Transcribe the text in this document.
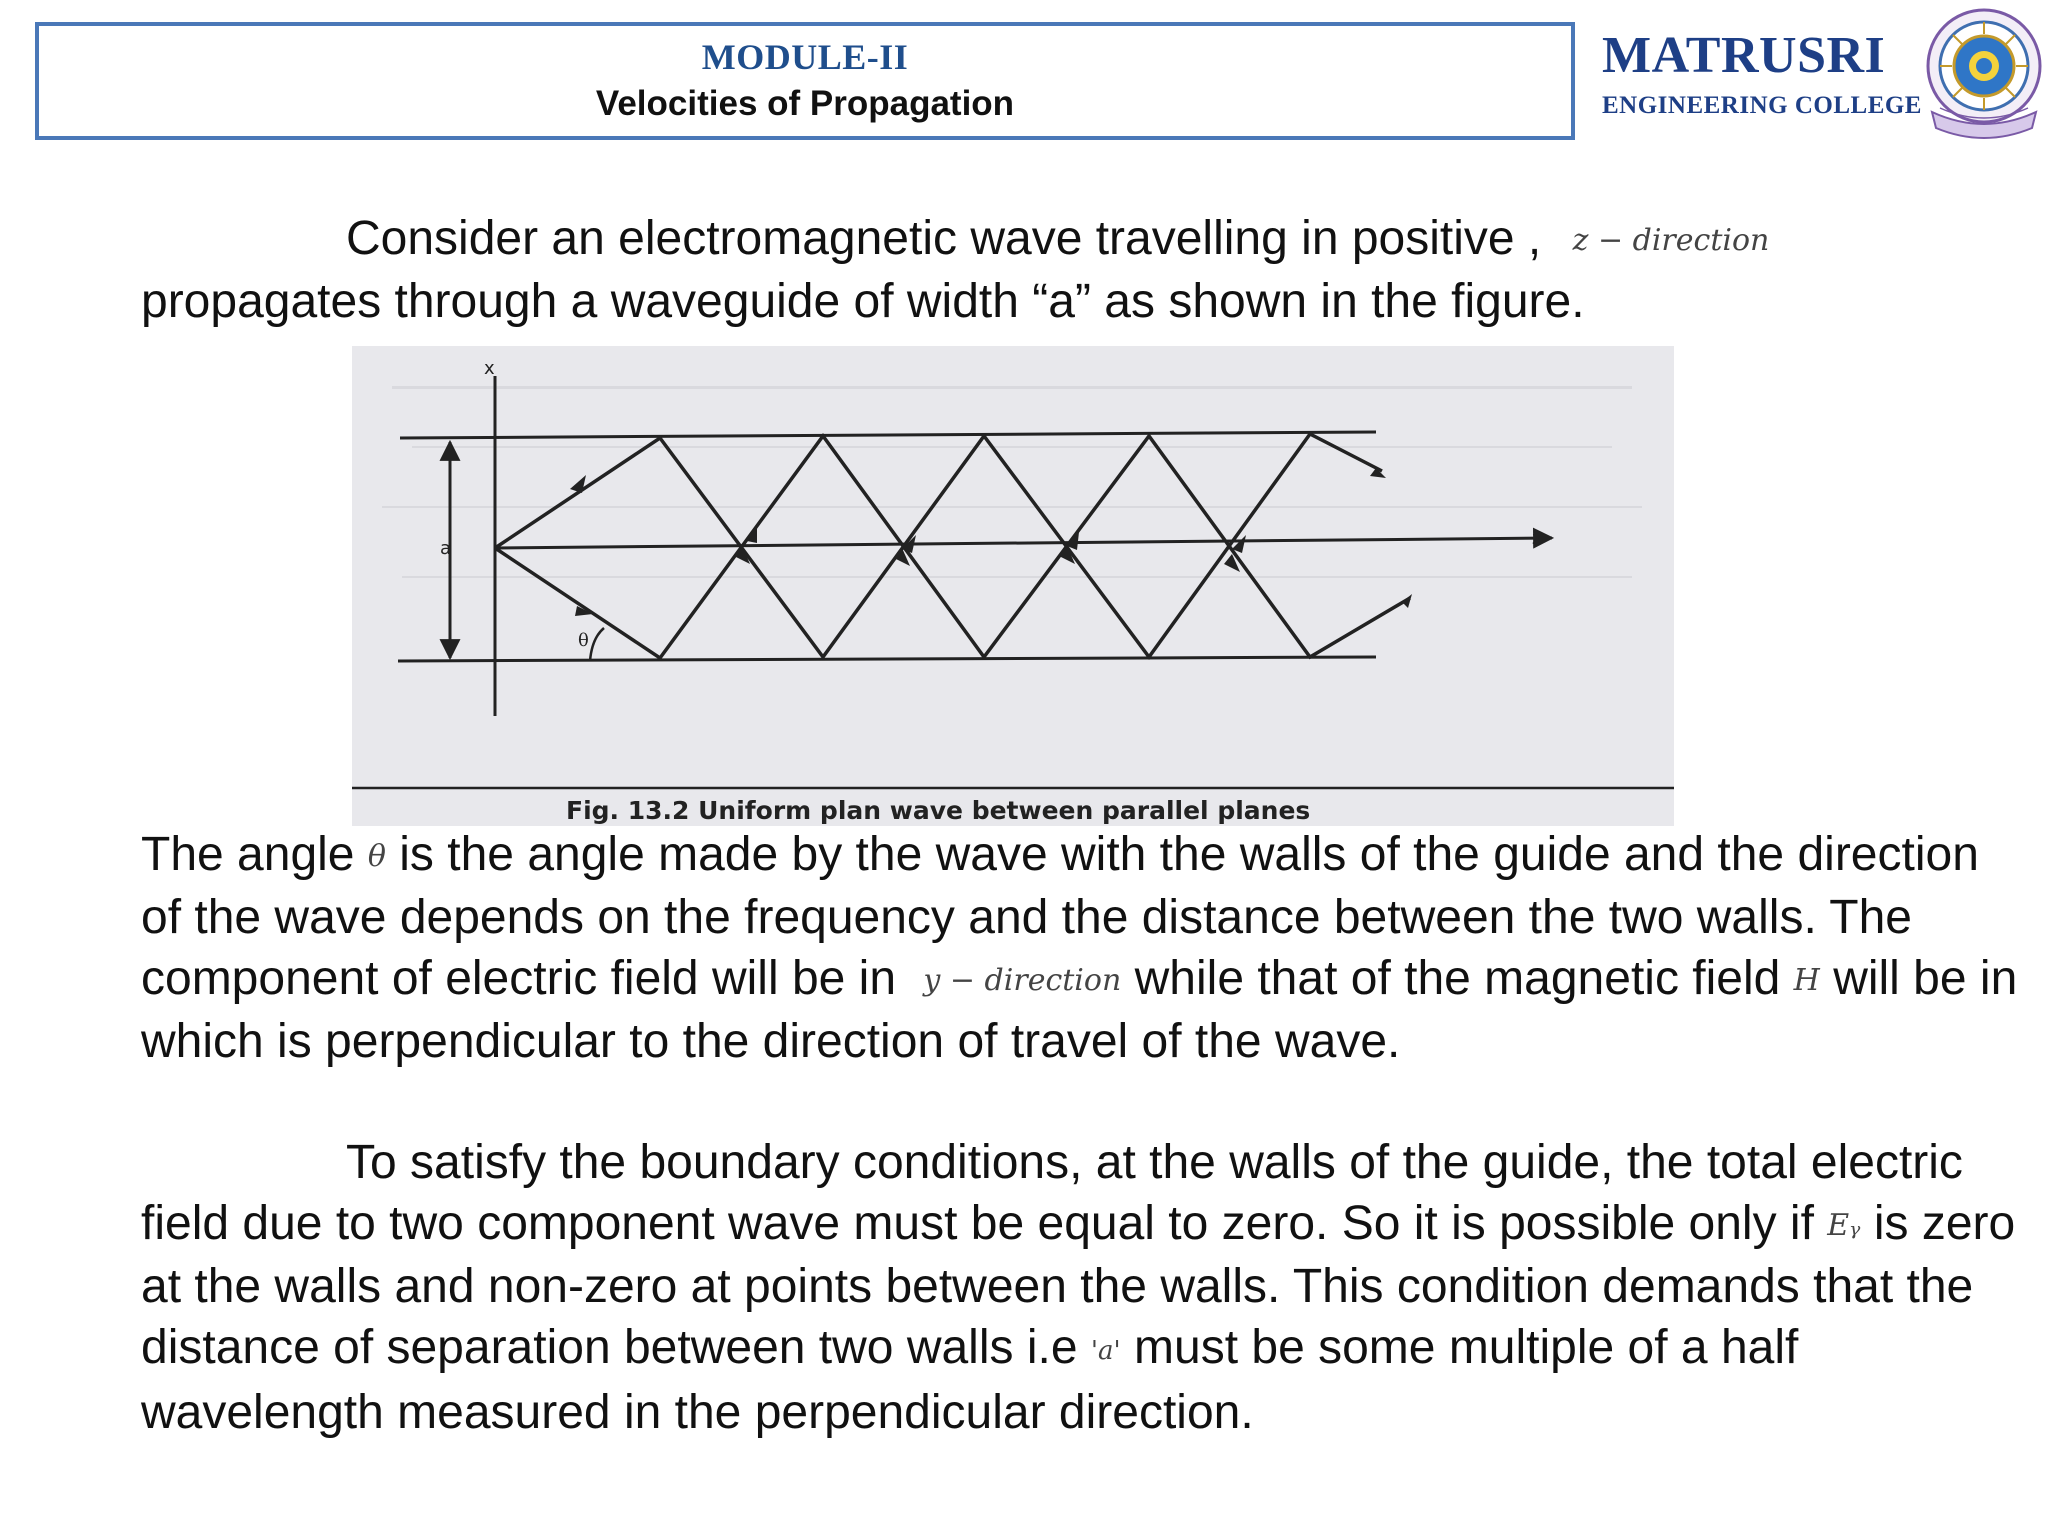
MODULE-II
Velocities of Propagation
MATRUSRI
ENGINEERING COLLEGE
Consider an electromagnetic wave travelling in positive , z − direction
propagates through a waveguide of width “a” as shown in the figure.
x
a	z
θ
Fig. 13.2 Uniform plan wave between parallel planes
The angle θ is the angle made by the wave with the walls of the guide and the direction of the wave depends on the frequency and the distance between the two walls. The component of electric field will be in y − direction while that of the magnetic field H will be in which is perpendicular to the direction of travel of the wave.
To satisfy the boundary conditions, at the walls of the guide, the total electric field due to two component wave must be equal to zero. So it is possible only if Eᵧ is zero at the walls and non-zero at points between the walls. This condition demands that the distance of separation between two walls i.e 'a' must be some multiple of a half wavelength measured in the perpendicular direction.
